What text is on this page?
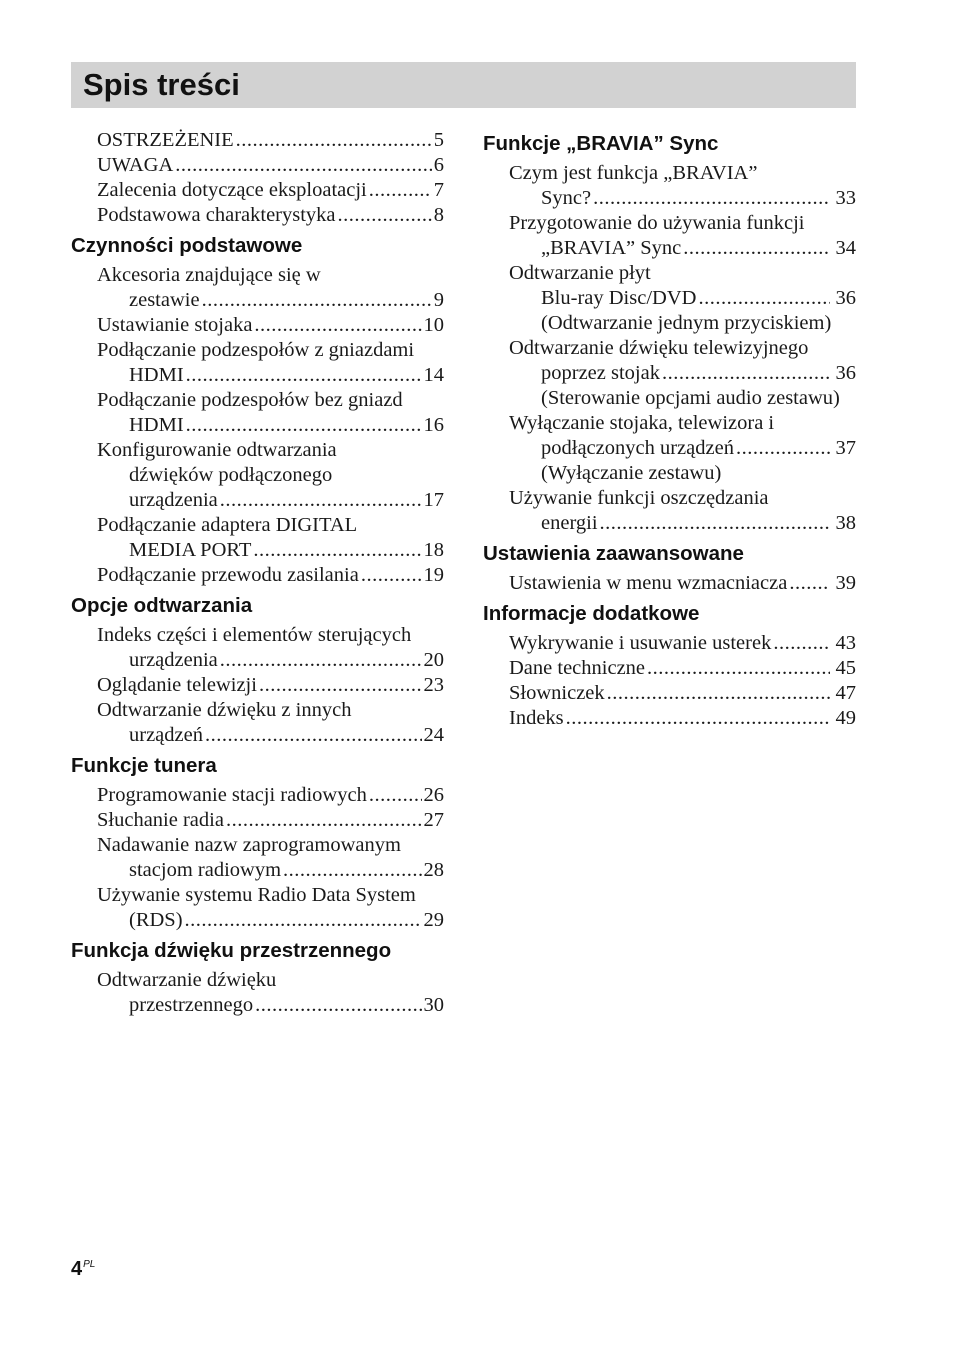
Spis treści
OSTRZEŻENIE .....	5
UWAGA .....	6
Zalecenia dotyczące eksploatacji .....	7
Podstawowa charakterystyka .....	8
Czynności podstawowe
Akcesoria znajdujące się w
zestawie .....	9
Ustawianie stojaka .....	10
Podłączanie podzespołów z gniazdami
HDMI .....	14
Podłączanie podzespołów bez gniazd
HDMI .....	16
Konfigurowanie odtwarzania
dźwięków podłączonego
urządzenia .....	17
Podłączanie adaptera DIGITAL
MEDIA PORT .....	18
Podłączanie przewodu zasilania .....	19
Opcje odtwarzania
Indeks części i elementów sterujących
urządzenia .....	20
Oglądanie telewizji .....	23
Odtwarzanie dźwięku z innych
urządzeń .....	24
Funkcje tunera
Programowanie stacji radiowych .....	26
Słuchanie radia .....	27
Nadawanie nazw zaprogramowanym
stacjom radiowym .....	28
Używanie systemu Radio Data System
(RDS) .....	29
Funkcja dźwięku przestrzennego
Odtwarzanie dźwięku
przestrzennego .....	30
Funkcje „BRAVIA” Sync
Czym jest funkcja „BRAVIA”
Sync? .....	33
Przygotowanie do używania funkcji
„BRAVIA” Sync .....	34
Odtwarzanie płyt
Blu-ray Disc/DVD .....	36
(Odtwarzanie jednym przyciskiem)
Odtwarzanie dźwięku telewizyjnego
poprzez stojak .....	36
(Sterowanie opcjami audio zestawu)
Wyłączanie stojaka, telewizora i
podłączonych urządzeń .....	37
(Wyłączanie zestawu)
Używanie funkcji oszczędzania
energii .....	38
Ustawienia zaawansowane
Ustawienia w menu wzmacniacza ..... 39
Informacje dodatkowe
Wykrywanie i usuwanie usterek .....	43
Dane techniczne .....	45
Słowniczek .....	47
Indeks .....	49
$4^{PL}$
